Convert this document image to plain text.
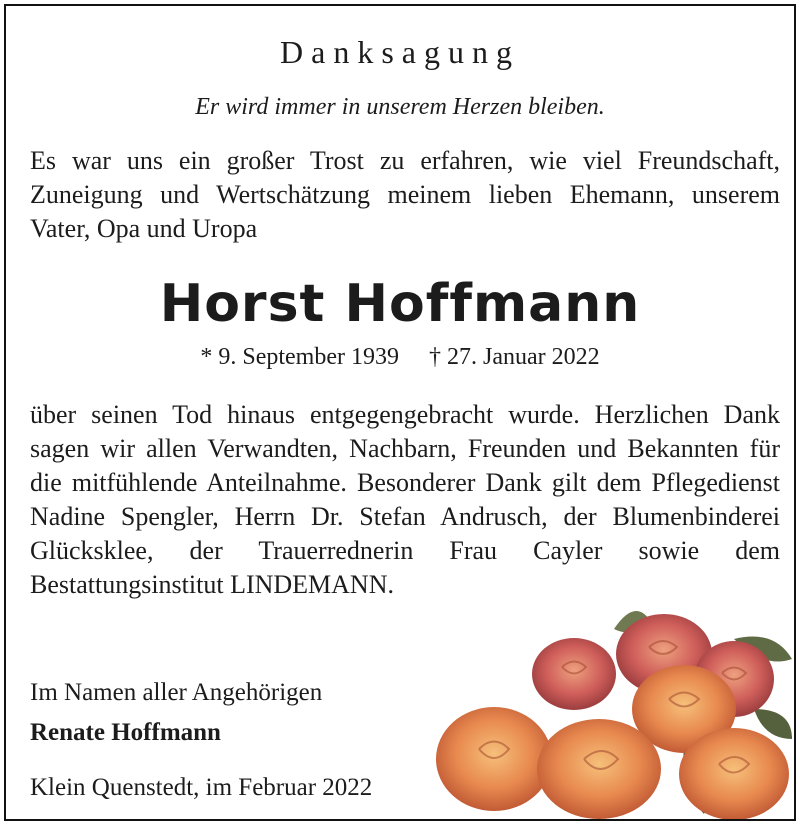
Danksagung
Er wird immer in unserem Herzen bleiben.
Es war uns ein großer Trost zu erfahren, wie viel Freundschaft, Zuneigung und Wertschätzung meinem lieben Ehemann, unserem Vater, Opa und Uropa
Horst Hoffmann
* 9. September 1939 † 27. Januar 2022
über seinen Tod hinaus entgegengebracht wurde. Herzlichen Dank sagen wir allen Verwandten, Nachbarn, Freunden und Bekannten für die mitfühlende Anteilnahme. Besonderer Dank gilt dem Pflegedienst Nadine Spengler, Herrn Dr. Stefan Andrusch, der Blumenbinderei Glücksklee, der Trauerrednerin Frau Cayler sowie dem Bestattungsinstitut LINDEMANN.
Im Namen aller Angehörigen
Renate Hoffmann
Klein Quenstedt, im Februar 2022
